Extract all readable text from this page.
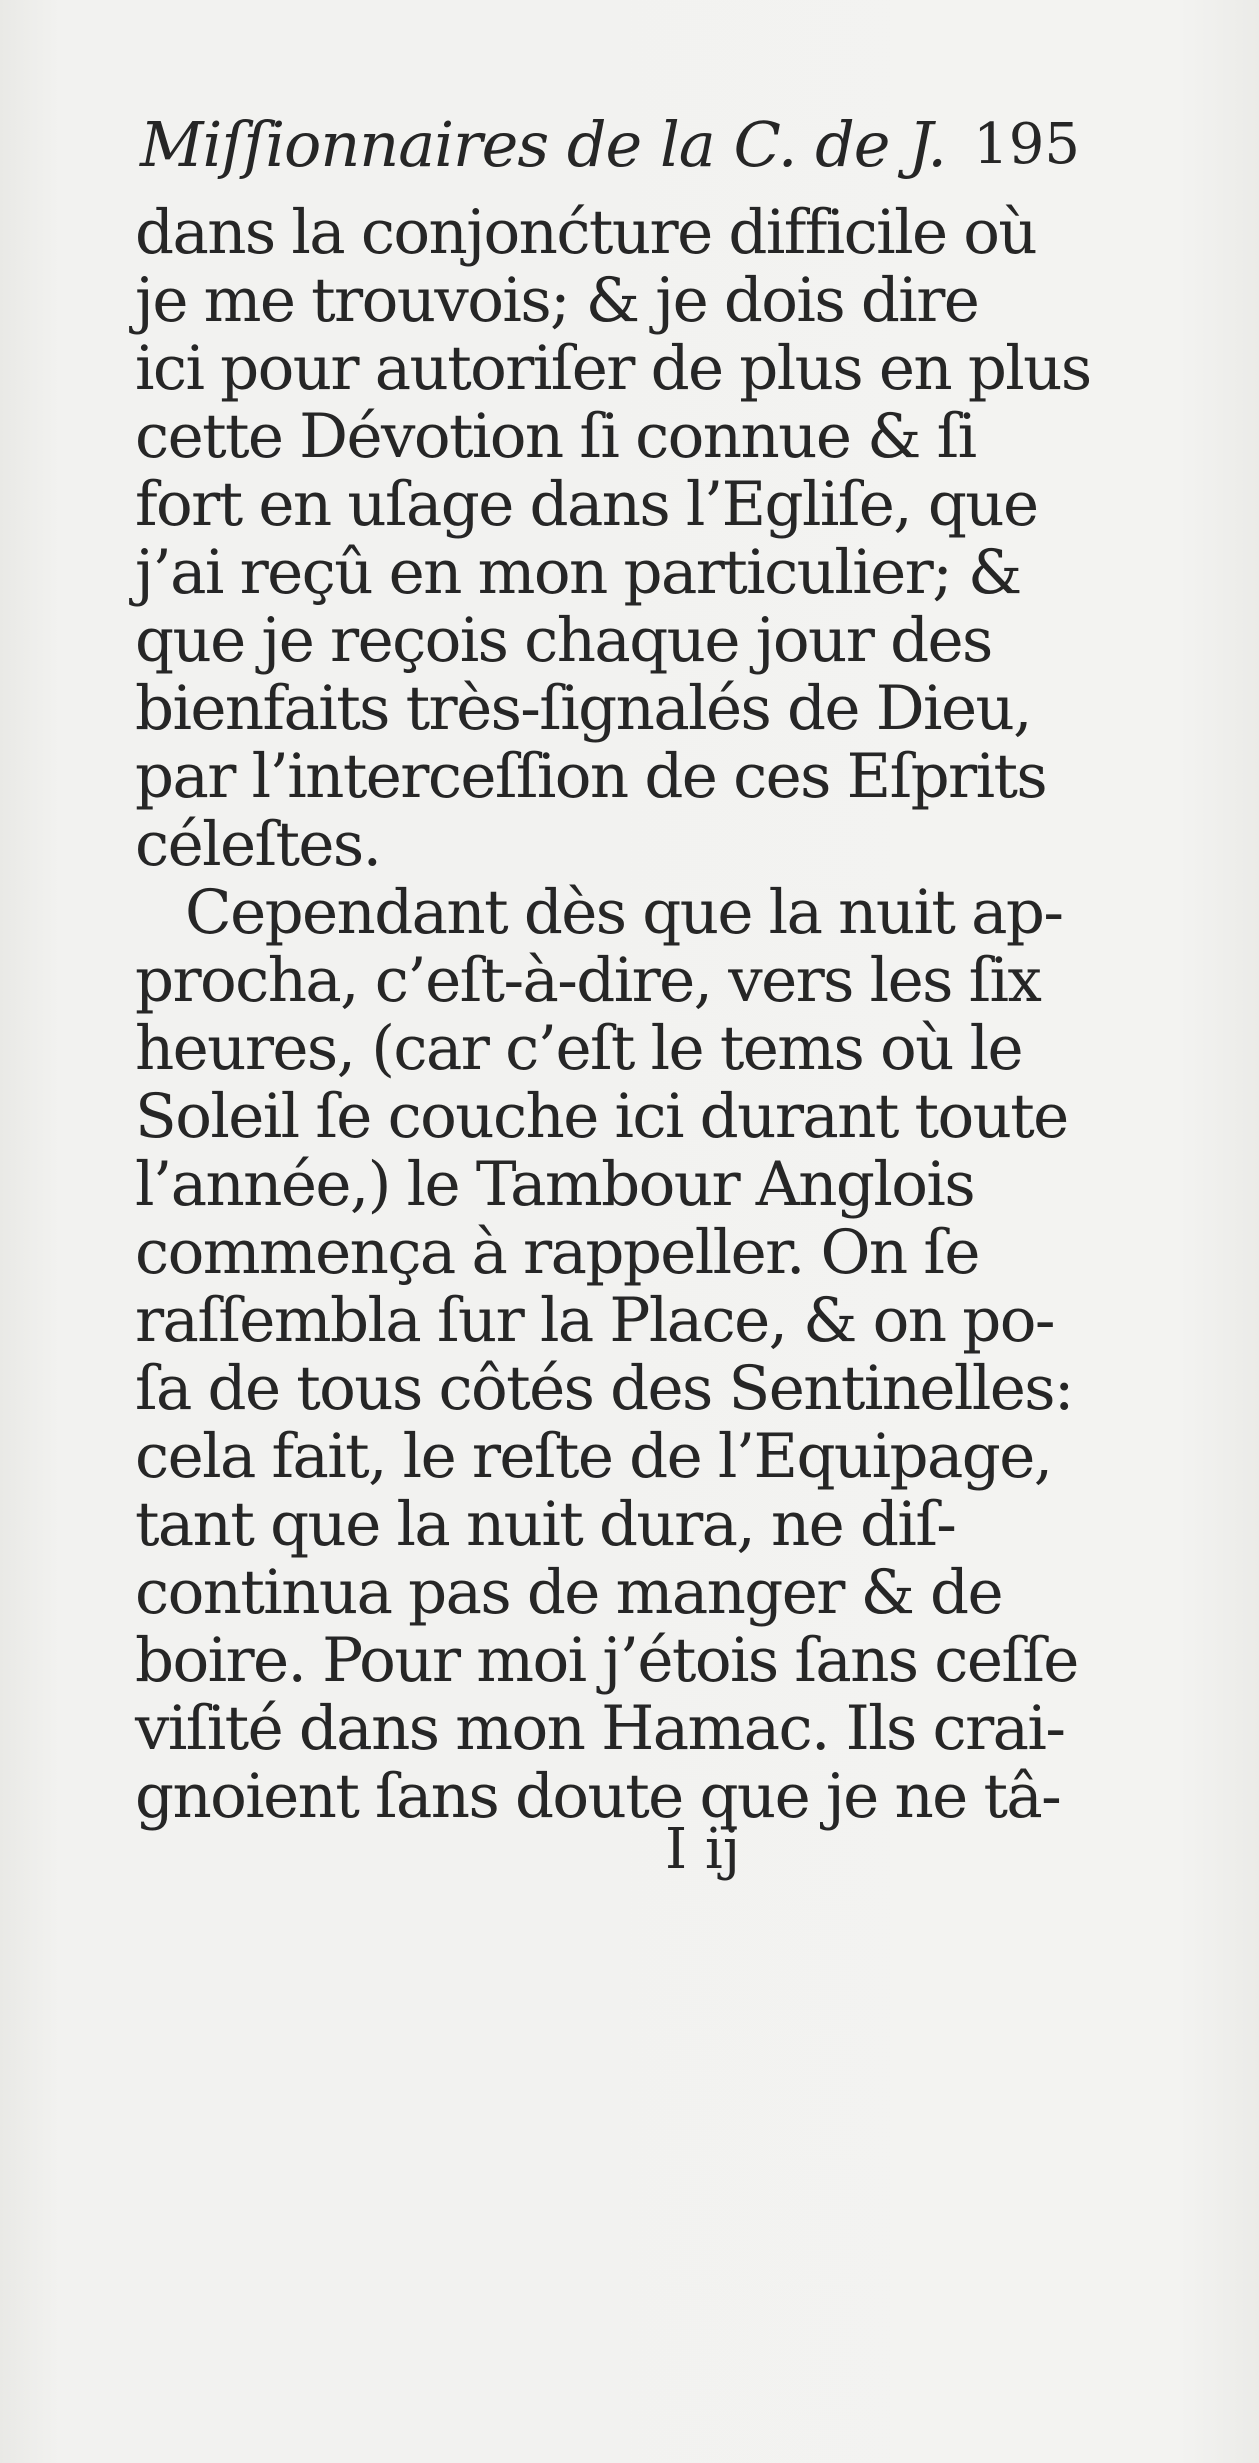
Miſſionnaires de la C. de J. 195
dans la conjonćture difficile où
je me trouvois; & je dois dire
ici pour autoriſer de plus en plus
cette Dévotion ſi connue & ſi
fort en uſage dans l’Egliſe, que
j’ai reçû en mon particulier; &
que je reçois chaque jour des
bienfaits très-ſignalés de Dieu,
par l’interceſſion de ces Eſprits
céleſtes.
Cependant dès que la nuit ap-
procha, c’eſt-à-dire, vers les ſix
heures, (car c’eſt le tems où le
Soleil ſe couche ici durant toute
l’année,) le Tambour Anglois
commença à rappeller. On ſe
raſſembla ſur la Place, & on po-
ſa de tous côtés des Sentinelles:
cela fait, le reſte de l’Equipage,
tant que la nuit dura, ne diſ-
continua pas de manger & de
boire. Pour moi j’étois ſans ceſſe
viſité dans mon Hamac. Ils crai-
gnoient ſans doute que je ne tâ-
I ij
